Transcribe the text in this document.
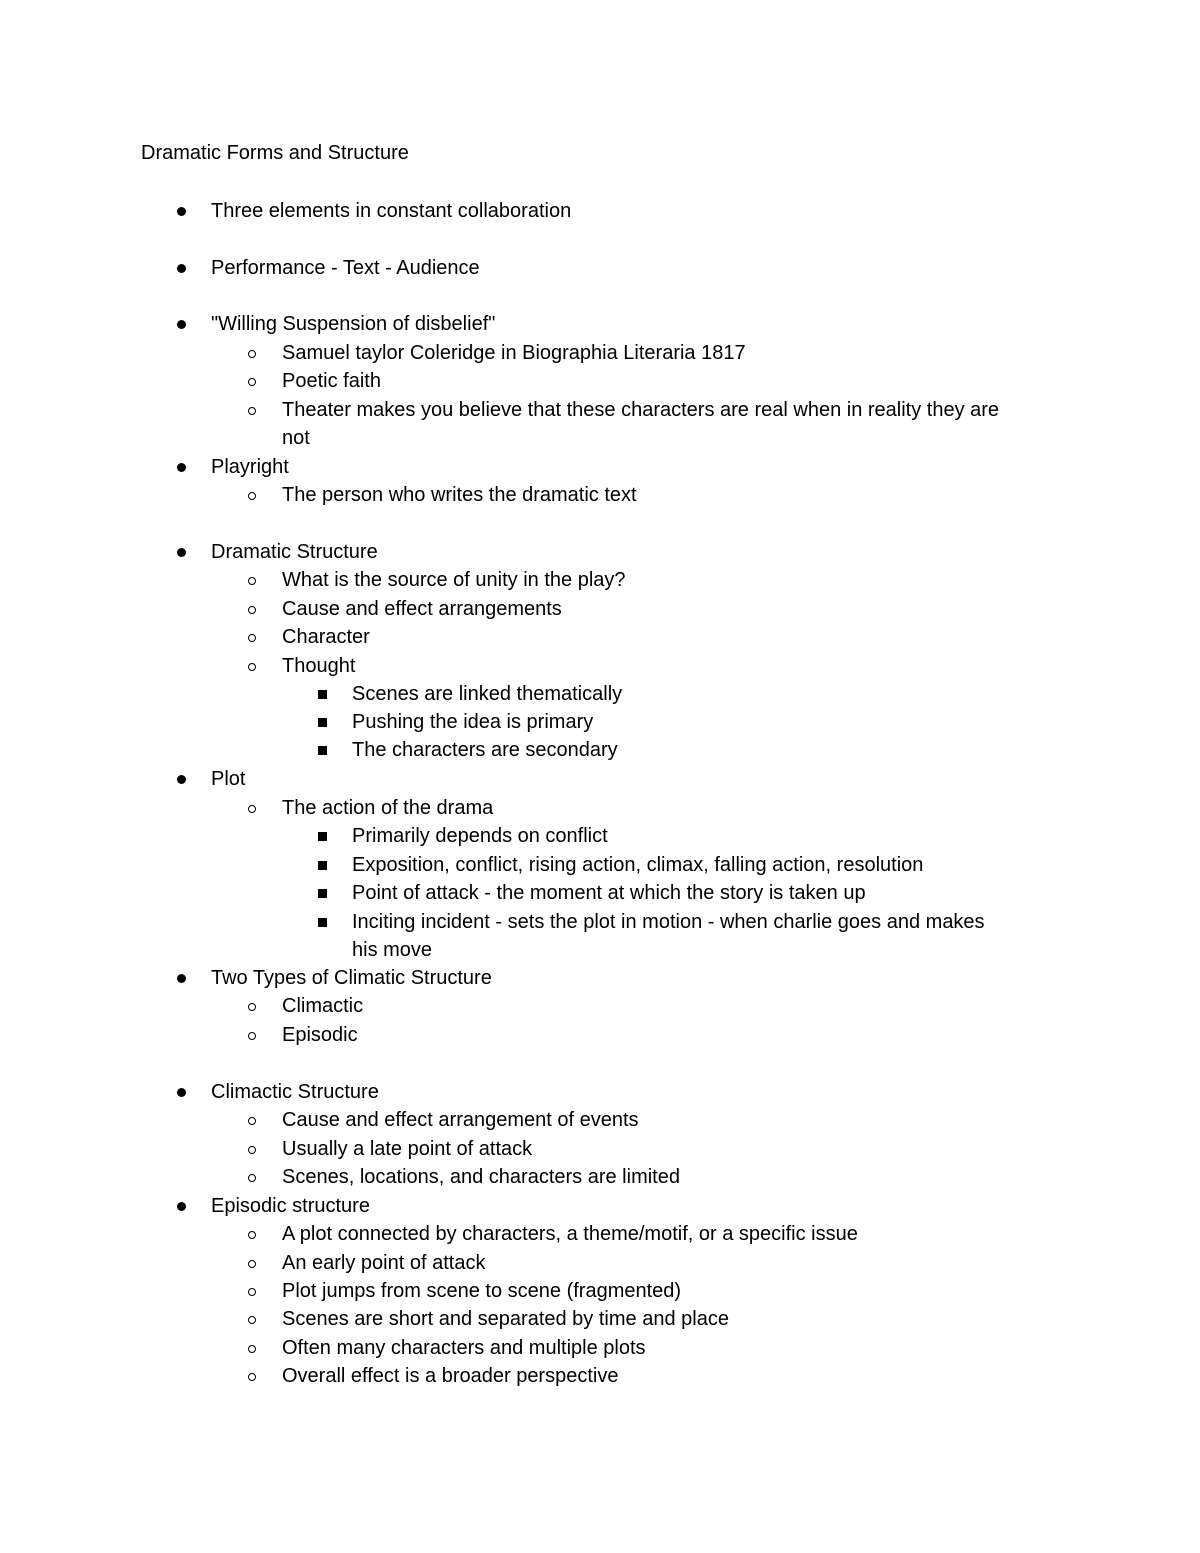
Dramatic Forms and Structure
Three elements in constant collaboration
Performance - Text - Audience
"Willing Suspension of disbelief"
Samuel taylor Coleridge in Biographia Literaria 1817
Poetic faith
Theater makes you believe that these characters are real when in reality they are
not
Playright
The person who writes the dramatic text
Dramatic Structure
What is the source of unity in the play?
Cause and effect arrangements
Character
Thought
Scenes are linked thematically
Pushing the idea is primary
The characters are secondary
Plot
The action of the drama
Primarily depends on conflict
Exposition, conflict, rising action, climax, falling action, resolution
Point of attack - the moment at which the story is taken up
Inciting incident - sets the plot in motion - when charlie goes and makes
his move
Two Types of Climatic Structure
Climactic
Episodic
Climactic Structure
Cause and effect arrangement of events
Usually a late point of attack
Scenes, locations, and characters are limited
Episodic structure
A plot connected by characters, a theme/motif, or a specific issue
An early point of attack
Plot jumps from scene to scene (fragmented)
Scenes are short and separated by time and place
Often many characters and multiple plots
Overall effect is a broader perspective
